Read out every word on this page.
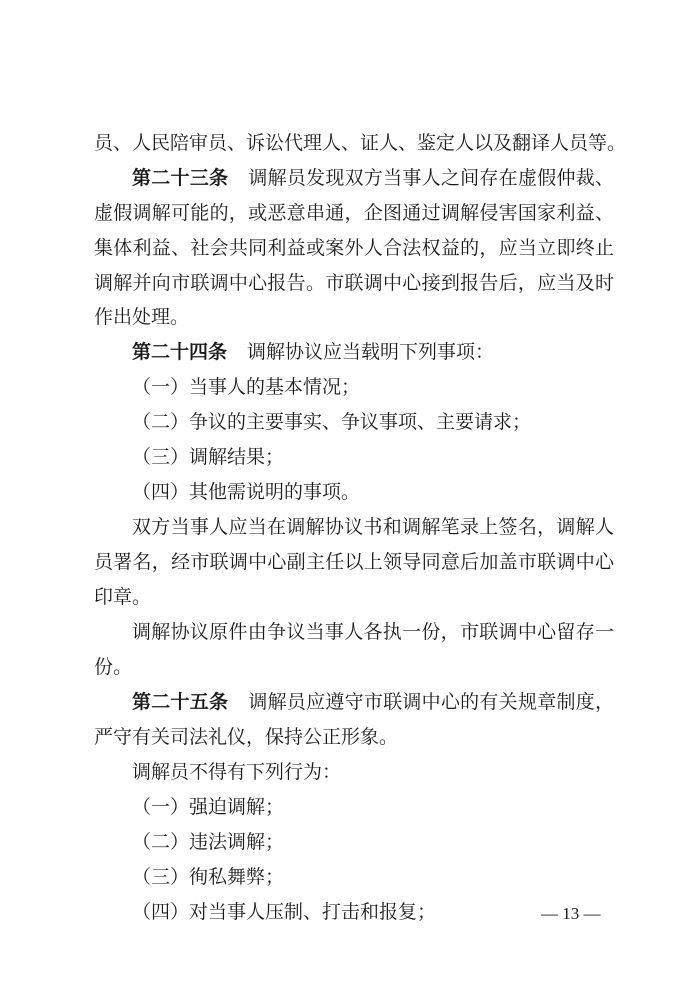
员、人民陪审员、诉讼代理人、证人、鉴定人以及翻译人员等。
第二十三条 调解员发现双方当事人之间存在虚假仲裁、
虚假调解可能的，或恶意串通，企图通过调解侵害国家利益、
集体利益、社会共同利益或案外人合法权益的，应当立即终止
调解并向市联调中心报告。市联调中心接到报告后，应当及时
作出处理。
第二十四条 调解协议应当载明下列事项：
（一）当事人的基本情况；
（二）争议的主要事实、争议事项、主要请求；
（三）调解结果；
（四）其他需说明的事项。
双方当事人应当在调解协议书和调解笔录上签名，调解人
员署名，经市联调中心副主任以上领导同意后加盖市联调中心
印章。
调解协议原件由争议当事人各执一份，市联调中心留存一
份。
第二十五条 调解员应遵守市联调中心的有关规章制度，
严守有关司法礼仪，保持公正形象。
调解员不得有下列行为：
（一）强迫调解；
（二）违法调解；
（三）徇私舞弊；
（四）对当事人压制、打击和报复；	— 13 —
